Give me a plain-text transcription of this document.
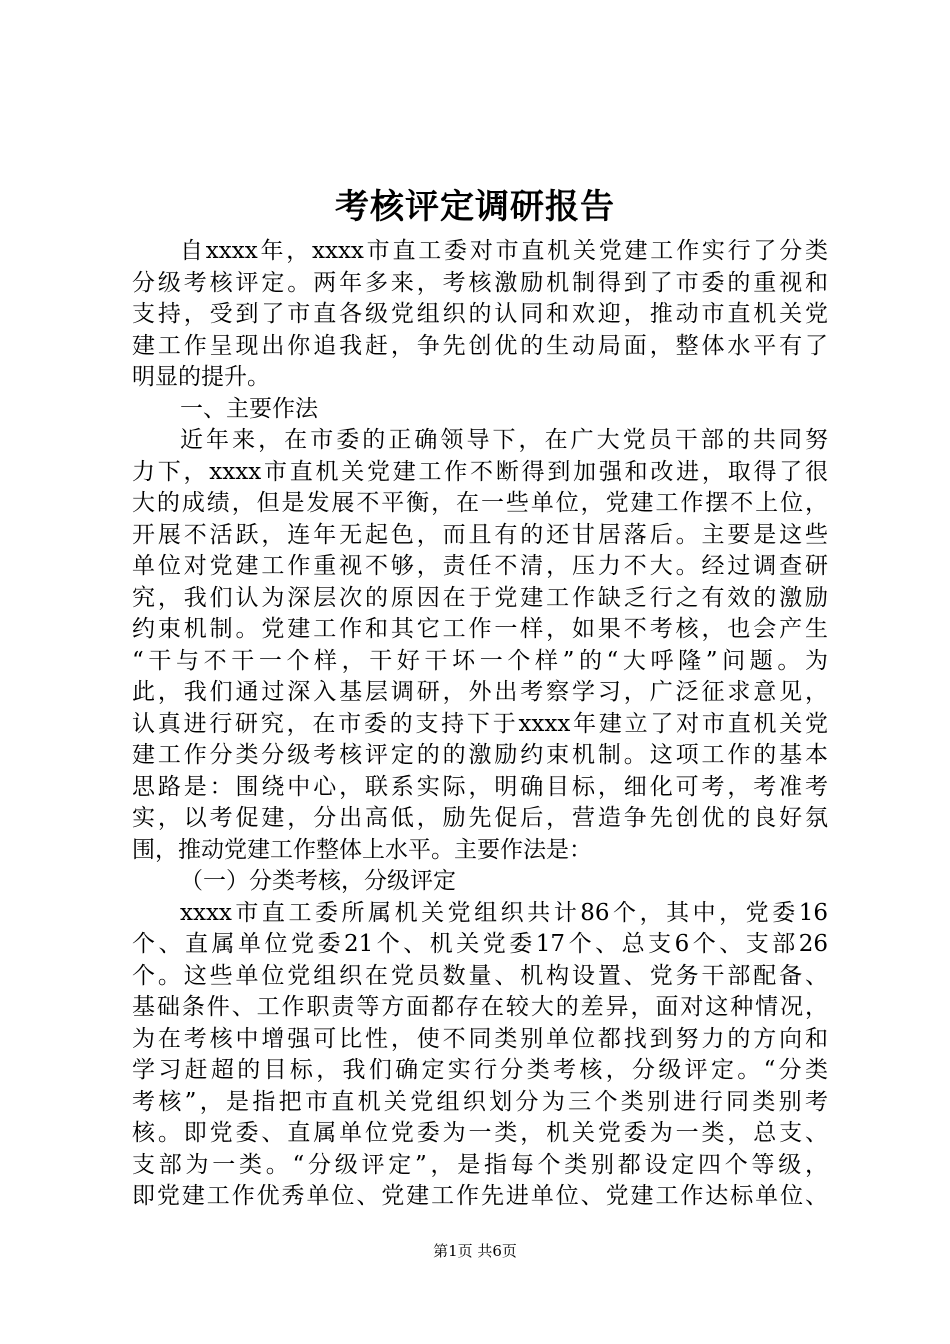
考核评定调研报告
自xxxx年，xxxx市直工委对市直机关党建工作实行了分类
分级考核评定。两年多来，考核激励机制得到了市委的重视和
支持，受到了市直各级党组织的认同和欢迎，推动市直机关党
建工作呈现出你追我赶，争先创优的生动局面，整体水平有了
明显的提升。
一、主要作法
近年来，在市委的正确领导下，在广大党员干部的共同努
力下，xxxx市直机关党建工作不断得到加强和改进，取得了很
大的成绩，但是发展不平衡，在一些单位，党建工作摆不上位，
开展不活跃，连年无起色，而且有的还甘居落后。主要是这些
单位对党建工作重视不够，责任不清，压力不大。经过调查研
究，我们认为深层次的原因在于党建工作缺乏行之有效的激励
约束机制。党建工作和其它工作一样，如果不考核，也会产生
“干与不干一个样，干好干坏一个样”的“大呼隆”问题。为
此，我们通过深入基层调研，外出考察学习，广泛征求意见，
认真进行研究，在市委的支持下于xxxx年建立了对市直机关党
建工作分类分级考核评定的的激励约束机制。这项工作的基本
思路是：围绕中心，联系实际，明确目标，细化可考，考准考
实，以考促建，分出高低，励先促后，营造争先创优的良好氛
围，推动党建工作整体上水平。主要作法是：
（一）分类考核，分级评定
xxxx市直工委所属机关党组织共计86个，其中，党委16
个、直属单位党委21个、机关党委17个、总支6个、支部26
个。这些单位党组织在党员数量、机构设置、党务干部配备、
基础条件、工作职责等方面都存在较大的差异，面对这种情况，
为在考核中增强可比性，使不同类别单位都找到努力的方向和
学习赶超的目标，我们确定实行分类考核，分级评定。“分类
考核”，是指把市直机关党组织划分为三个类别进行同类别考
核。即党委、直属单位党委为一类，机关党委为一类，总支、
支部为一类。“分级评定”，是指每个类别都设定四个等级，
即党建工作优秀单位、党建工作先进单位、党建工作达标单位、
第1页 共6页
